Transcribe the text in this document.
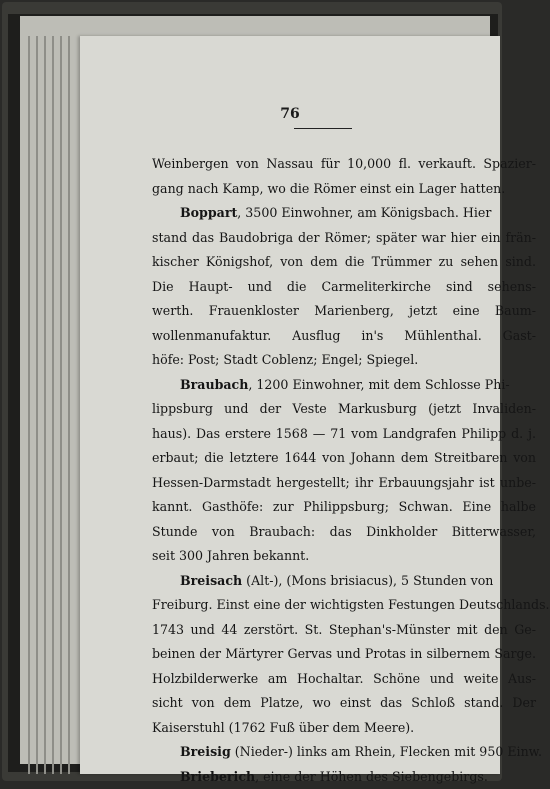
76
Weinbergen von Nassau für 10,000 fl. verkauft. Spazier-
gang nach Kamp, wo die Römer einst ein Lager hatten.
Boppart , 3500 Einwohner, am Königsbach. Hier
stand das Baudobriga der Römer; später war hier ein frän-
kischer Königshof, von dem die Trümmer zu sehen sind.
Die Haupt- und die Carmeliterkirche sind sehens-
werth. Frauenkloster Marienberg, jetzt eine Baum-
wollenmanufaktur. Ausflug in's Mühlenthal. Gast-
höfe: Post; Stadt Coblenz; Engel; Spiegel.
Braubach , 1200 Einwohner, mit dem Schlosse Phi-
lippsburg und der Veste Markusburg (jetzt Invaliden-
haus). Das erstere 1568 — 71 vom Landgrafen Philipp d. j.
erbaut; die letztere 1644 von Johann dem Streitbaren von
Hessen-Darmstadt hergestellt; ihr Erbauungsjahr ist unbe-
kannt. Gasthöfe: zur Philippsburg; Schwan. Eine halbe
Stunde von Braubach: das Dinkholder Bitterwasser,
seit 300 Jahren bekannt.
Breisach (Alt-), (Mons brisiacus), 5 Stunden von
Freiburg. Einst eine der wichtigsten Festungen Deutschlands.
1743 und 44 zerstört. St. Stephan's-Münster mit den Ge-
beinen der Märtyrer Gervas und Protas in silbernem Sarge.
Holzbilderwerke am Hochaltar. Schöne und weite Aus-
sicht von dem Platze, wo einst das Schloß stand. Der
Kaiserstuhl (1762 Fuß über dem Meere).
Breisig (Nieder-) links am Rhein, Flecken mit 950 Einw.
Brieberich , eine der Höhen des Siebengebirgs.
